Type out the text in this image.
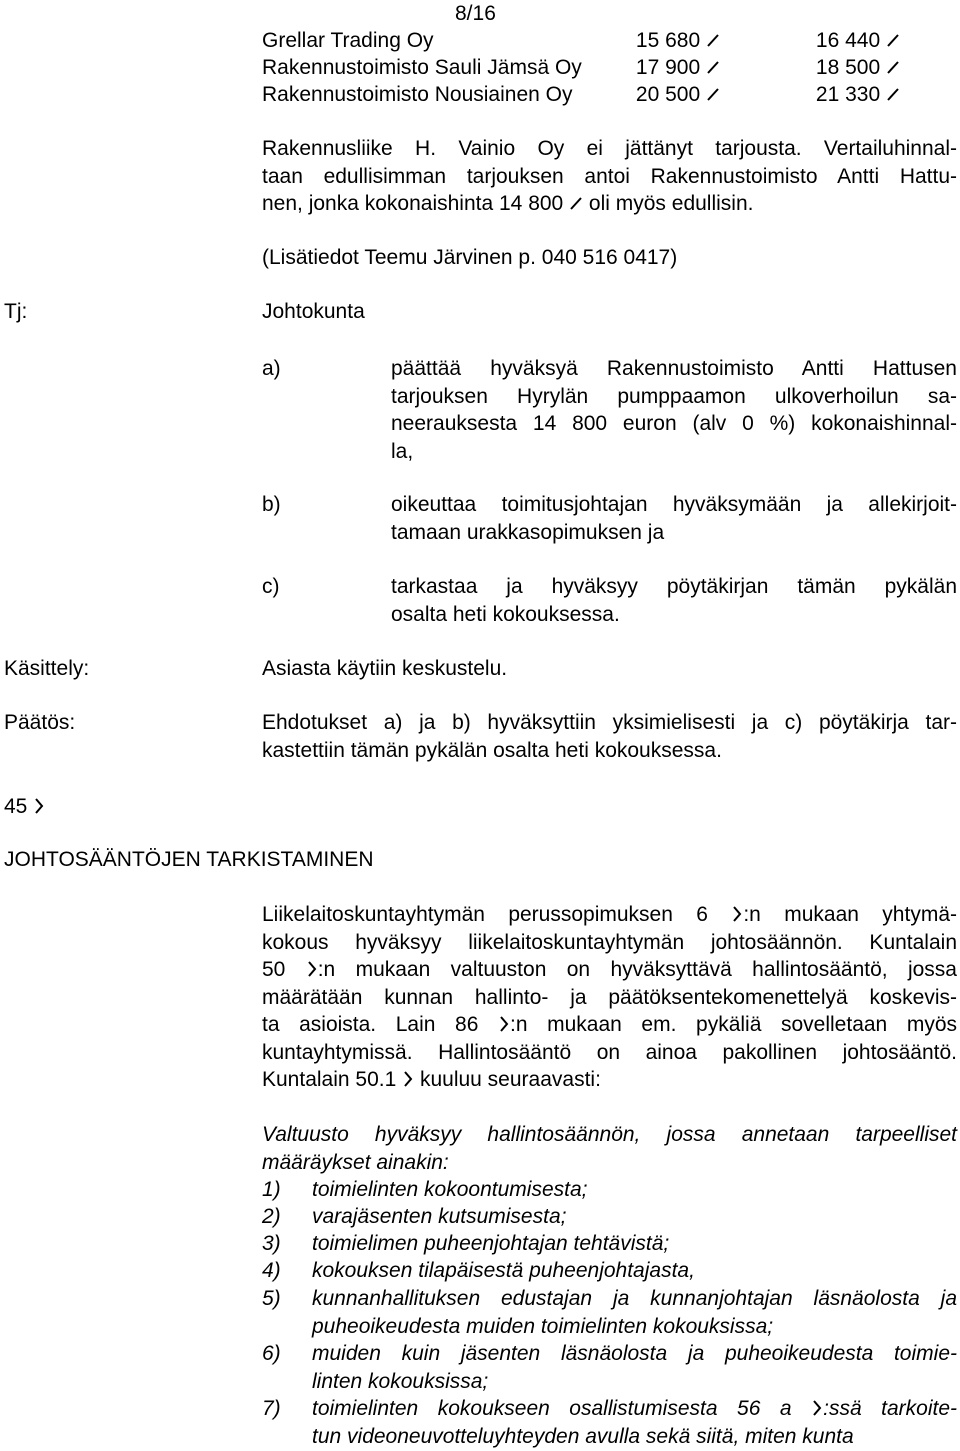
8/16
Grellar Trading Oy	15 680	16 440
Rakennustoimisto Sauli Jämsä Oy	17 900	18 500
Rakennustoimisto Nousiainen Oy	20 500	21 330
Rakennusliike H. Vainio Oy ei jättänyt tarjousta. Vertailuhinnal-
taan edullisimman tarjouksen antoi Rakennustoimisto Antti Hattu-
nen, jonka kokonaishinta 14 800  oli myös edullisin.
(Lisätiedot Teemu Järvinen p. 040 516 0417)
Tj:	Johtokunta
a)	päättää hyväksyä Rakennustoimisto Antti Hattusen
tarjouksen Hyrylän pumppaamon ulkoverhoilun sa-
neerauksesta 14 800 euron (alv 0 %) kokonaishinnal-
la,
b)	oikeuttaa toimitusjohtajan hyväksymään ja allekirjoit-
tamaan urakkasopimuksen ja
c)	tarkastaa ja hyväksyy pöytäkirjan tämän pykälän
osalta heti kokouksessa.
Käsittely:	Asiasta käytiin keskustelu.
Päätös:	Ehdotukset a) ja b) hyväksyttiin yksimielisesti ja c) pöytäkirja tar-
kastettiin tämän pykälän osalta heti kokouksessa.
45
JOHTOSÄÄNTÖJEN TARKISTAMINEN
Liikelaitoskuntayhtymän perussopimuksen 6 :n mukaan yhtymä-
kokous hyväksyy liikelaitoskuntayhtymän johtosäännön. Kuntalain
50 :n mukaan valtuuston on hyväksyttävä hallintosääntö, jossa
määrätään kunnan hallinto- ja päätöksentekomenettelyä koskevis-
ta asioista. Lain 86 :n mukaan em. pykäliä sovelletaan myös
kuntayhtymissä. Hallintosääntö on ainoa pakollinen johtosääntö.
Kuntalain 50.1  kuuluu seuraavasti:
Valtuusto hyväksyy hallintosäännön, jossa annetaan tarpeelliset
määräykset ainakin:
1) toimielinten kokoontumisesta;
2) varajäsenten kutsumisesta;
3) toimielimen puheenjohtajan tehtävistä;
4) kokouksen tilapäisestä puheenjohtajasta,
5) kunnanhallituksen edustajan ja kunnanjohtajan läsnäolosta ja
puheoikeudesta muiden toimielinten kokouksissa;
6) muiden kuin jäsenten läsnäolosta ja puheoikeudesta toimie-
linten kokouksissa;
7) toimielinten kokoukseen osallistumisesta 56 a :ssä tarkoite-
tun videoneuvotteluyhteyden avulla sekä siitä, miten kunta
